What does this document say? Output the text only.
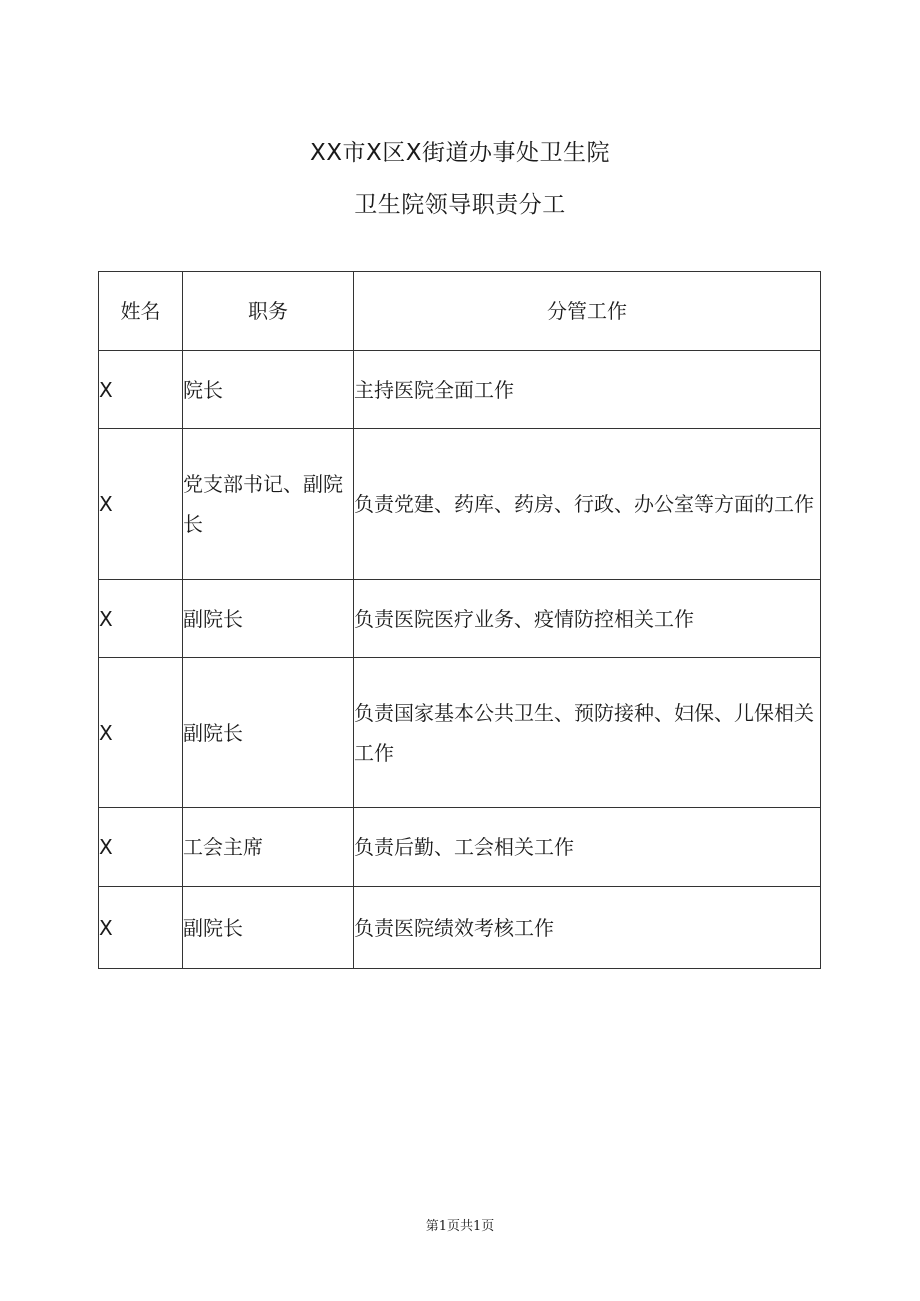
XX市X区X街道办事处卫生院
卫生院领导职责分工
姓名	职务	分管工作
X	院长	主持医院全面工作
X	党支部书记、副院长	负责党建、药库、药房、行政、办公室等方面的工作
X	副院长	负责医院医疗业务、疫情防控相关工作
X	副院长	负责国家基本公共卫生、预防接种、妇保、儿保相关工作
X	工会主席	负责后勤、工会相关工作
X	副院长	负责医院绩效考核工作
第1页共1页
